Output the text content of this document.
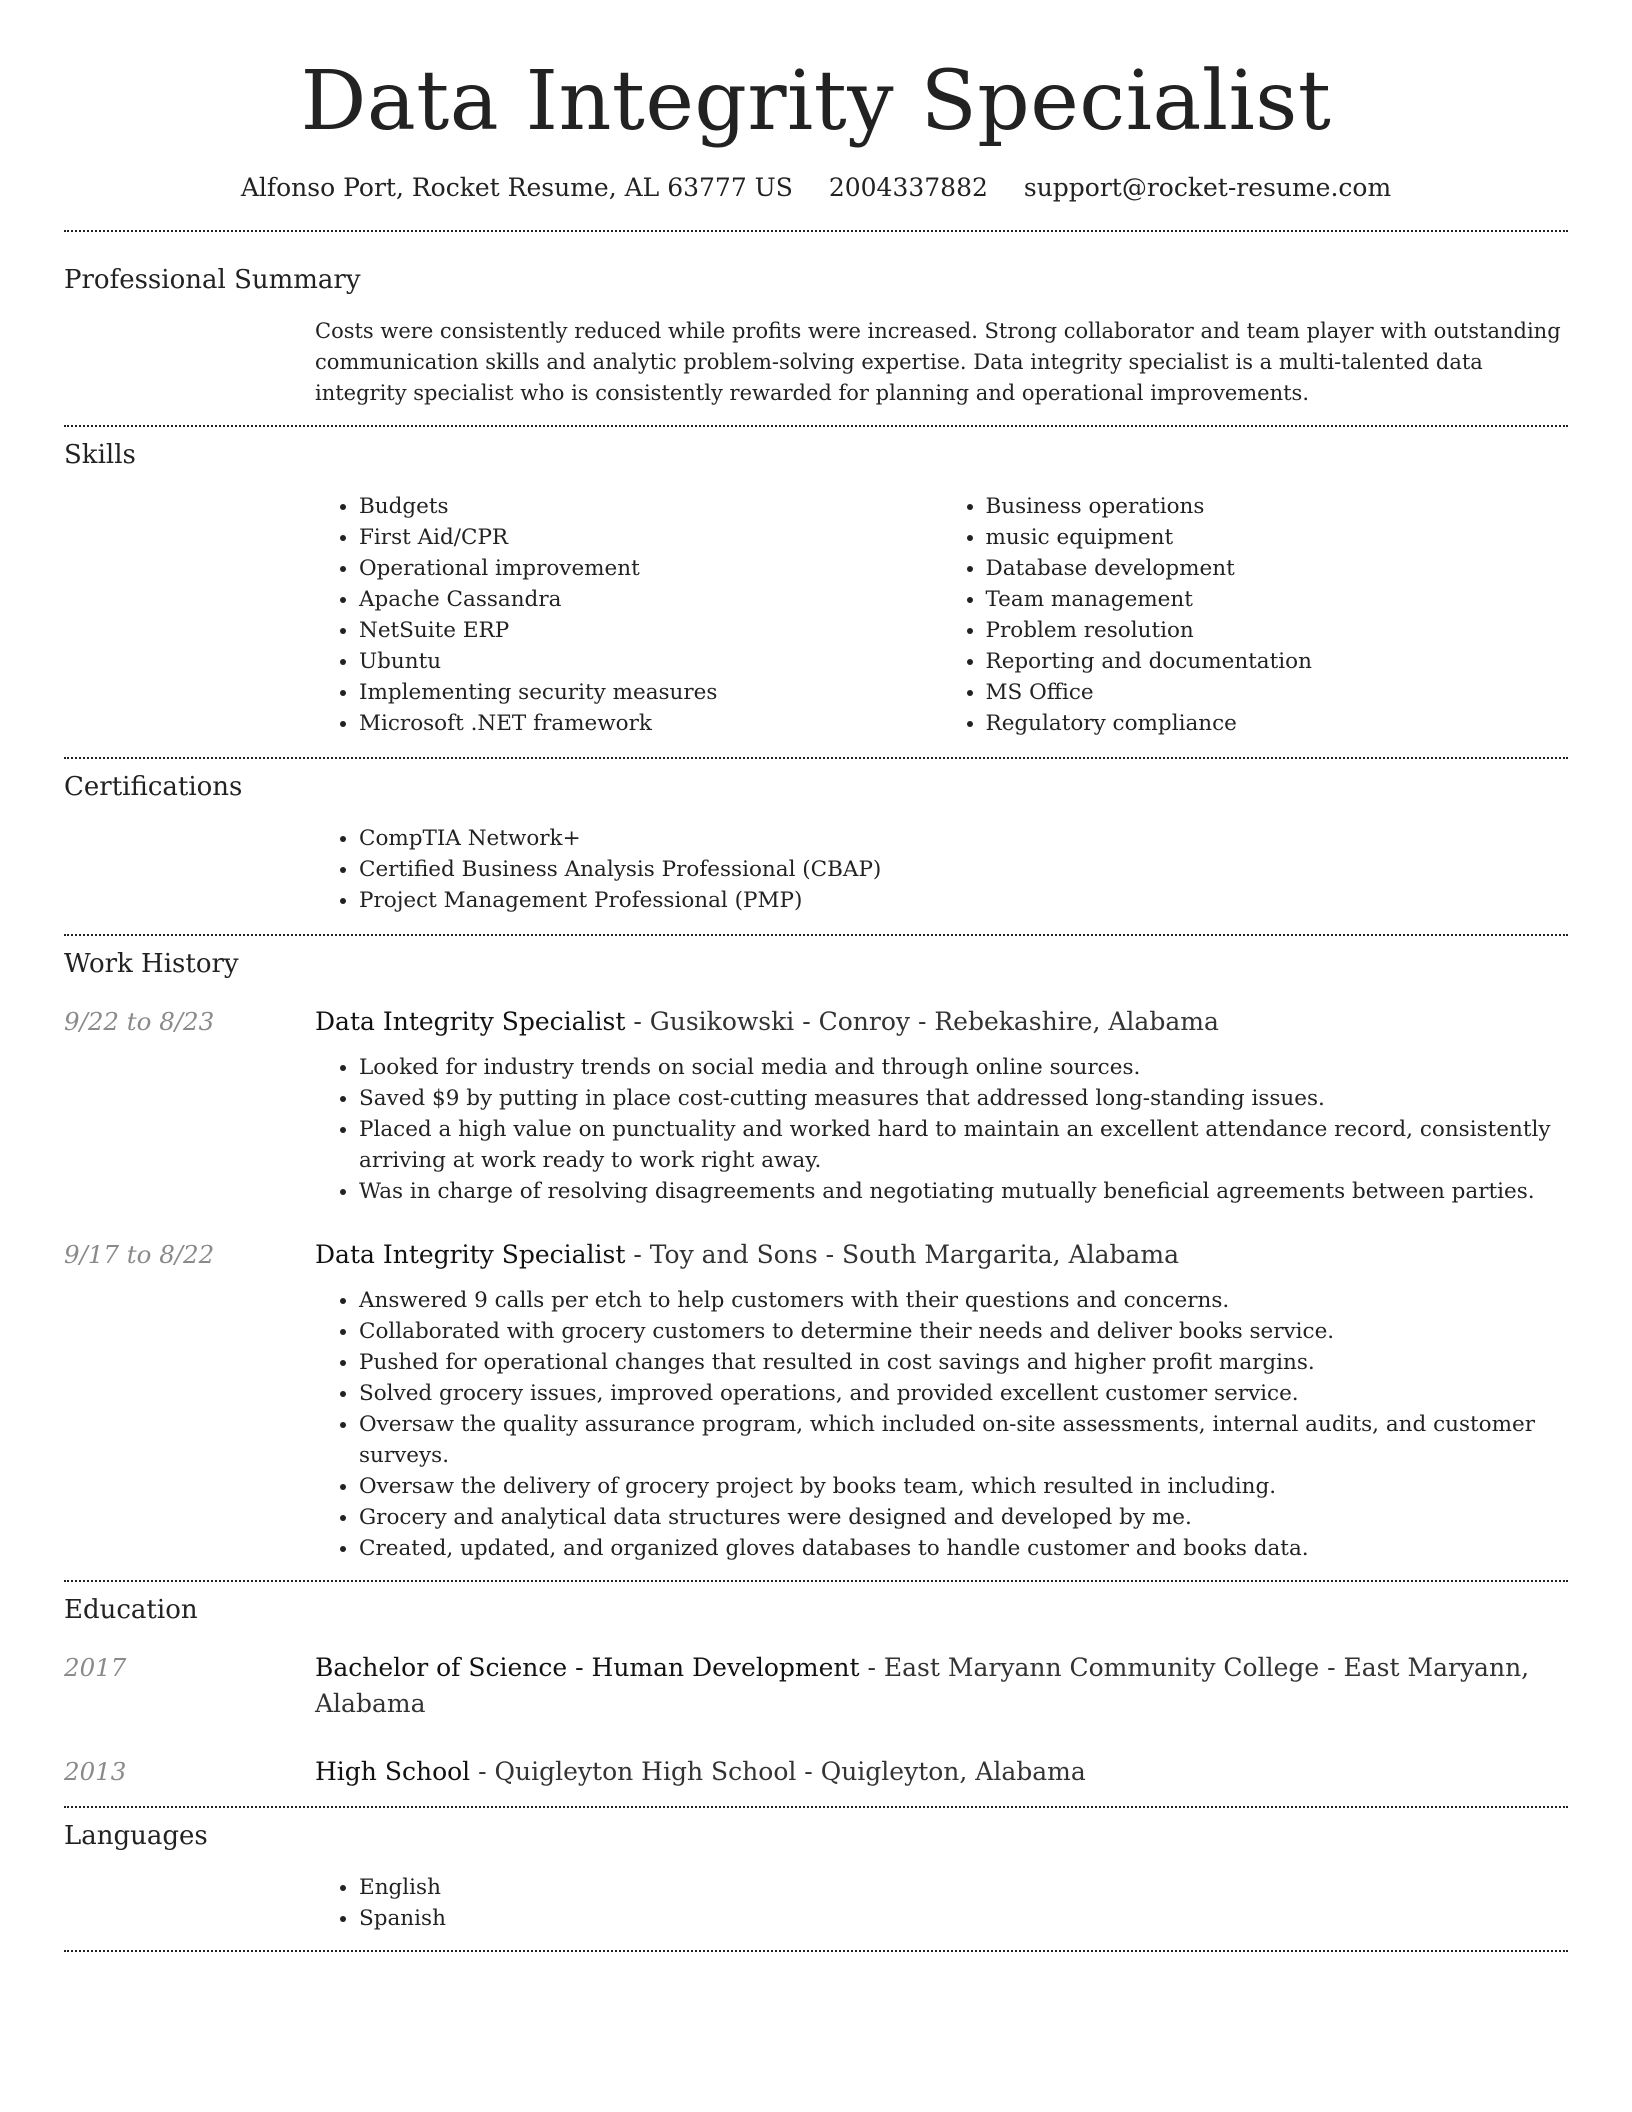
Data Integrity Specialist
Alfonso Port, Rocket Resume, AL 63777 US 2004337882 support@rocket-resume.com
Professional Summary

Costs were consistently reduced while profits were increased. Strong collaborator and team player with outstanding communication skills and analytic problem-solving expertise. Data integrity specialist is a multi-talented data integrity specialist who is consistently rewarded for planning and operational improvements.

Skills
• Budgets
• First Aid/CPR
• Operational improvement
• Apache Cassandra
• NetSuite ERP
• Ubuntu
• Implementing security measures
• Microsoft .NET framework
• Business operations
• music equipment
• Database development
• Team management
• Problem resolution
• Reporting and documentation
• MS Office
• Regulatory compliance
Certifications
• CompTIA Network+
• Certified Business Analysis Professional (CBAP)
• Project Management Professional (PMP)
Work History
9/22 to 8/23	Data Integrity Specialist - Gusikowski - Conroy - Rebekashire, Alabama
• Looked for industry trends on social media and through online sources.
• Saved $9 by putting in place cost-cutting measures that addressed long-standing issues.
• Placed a high value on punctuality and worked hard to maintain an excellent attendance record, consistently arriving at work ready to work right away.
• Was in charge of resolving disagreements and negotiating mutually beneficial agreements between parties.
9/17 to 8/22	Data Integrity Specialist - Toy and Sons - South Margarita, Alabama
• Answered 9 calls per etch to help customers with their questions and concerns.
• Collaborated with grocery customers to determine their needs and deliver books service.
• Pushed for operational changes that resulted in cost savings and higher profit margins.
• Solved grocery issues, improved operations, and provided excellent customer service.
• Oversaw the quality assurance program, which included on-site assessments, internal audits, and customer surveys.
• Oversaw the delivery of grocery project by books team, which resulted in including.
• Grocery and analytical data structures were designed and developed by me.
• Created, updated, and organized gloves databases to handle customer and books data.
Education
2017	Bachelor of Science - Human Development - East Maryann Community College - East Maryann, Alabama
2013	High School - Quigleyton High School - Quigleyton, Alabama
Languages
• English
• Spanish
